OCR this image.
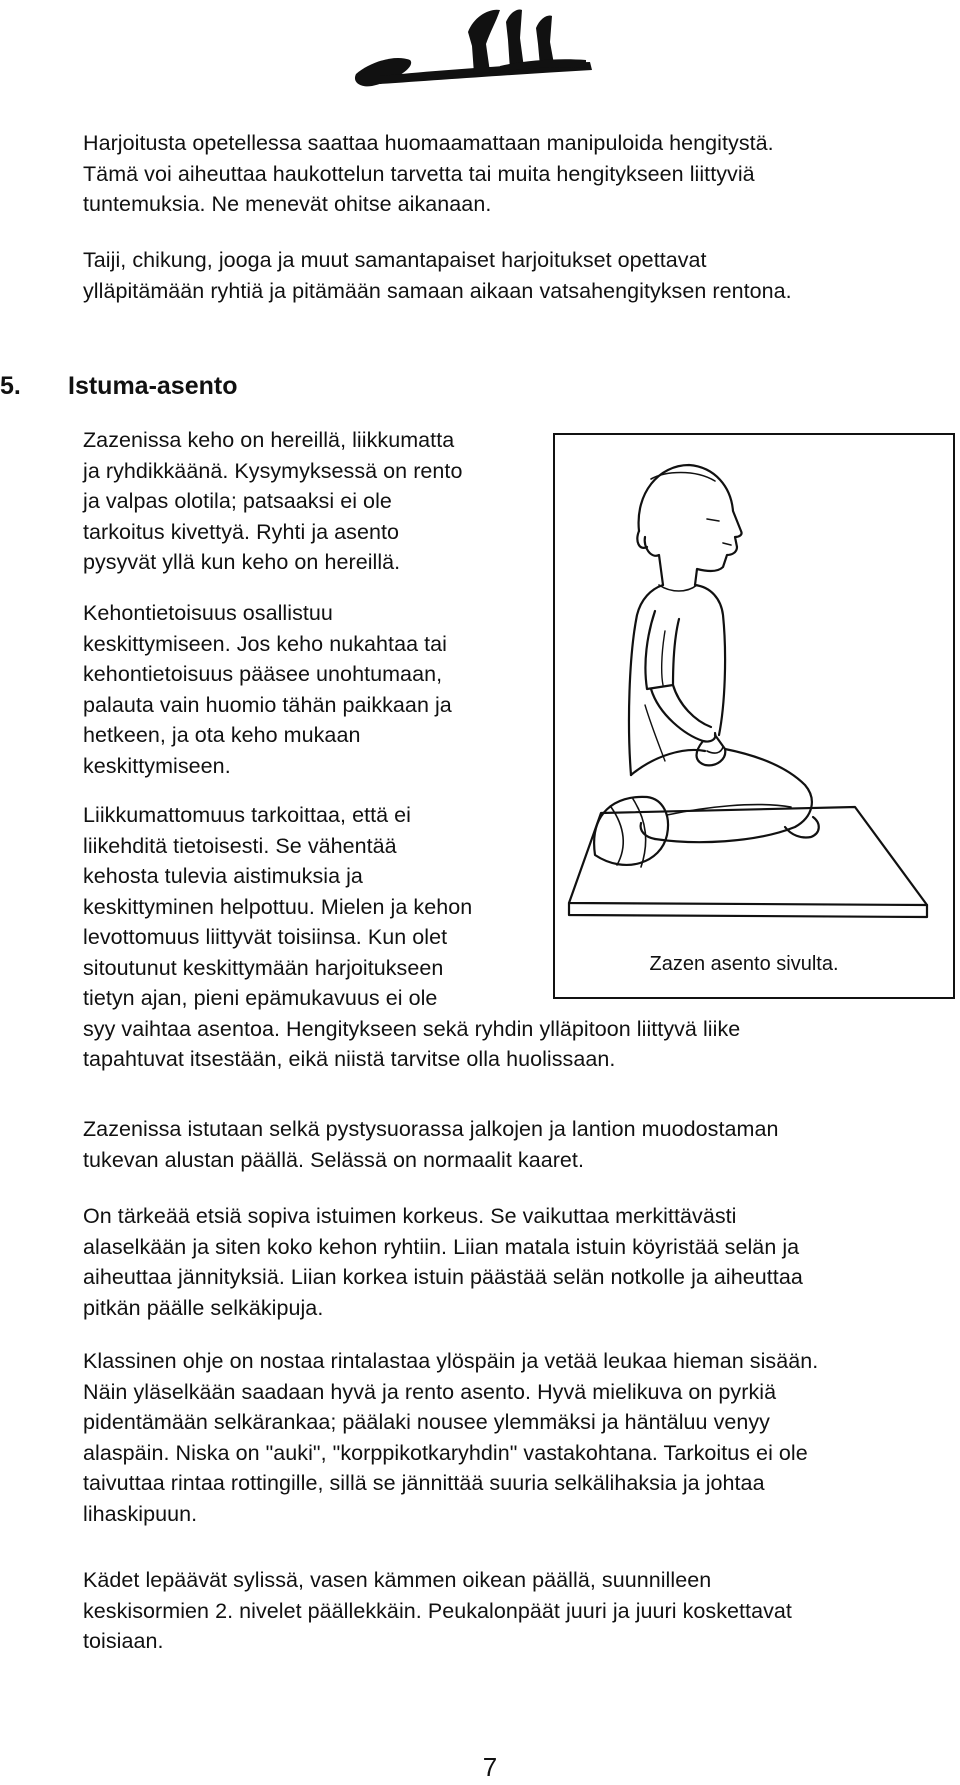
Harjoitusta opetellessa saattaa huomaamattaan manipuloida hengitystä.
Tämä voi aiheuttaa haukottelun tarvetta tai muita hengitykseen liittyviä
tuntemuksia. Ne menevät ohitse aikanaan.

Taiji, chikung, jooga ja muut samantapaiset harjoitukset opettavat
ylläpitämään ryhtiä ja pitämään samaan aikaan vatsahengityksen rentona.

5. Istuma-asento

Zazenissa keho on hereillä, liikkumatta
ja ryhdikkäänä. Kysymyksessä on rento
ja valpas olotila; patsaaksi ei ole
tarkoitus kivettyä. Ryhti ja asento
pysyvät yllä kun keho on hereillä.

Kehontietoisuus osallistuu
keskittymiseen. Jos keho nukahtaa tai
kehontietoisuus pääsee unohtumaan,
palauta vain huomio tähän paikkaan ja
hetkeen, ja ota keho mukaan
keskittymiseen.

Liikkumattomuus tarkoittaa, että ei
liikehditä tietoisesti. Se vähentää
kehosta tulevia aistimuksia ja
keskittyminen helpottuu. Mielen ja kehon
levottomuus liittyvät toisiinsa. Kun olet
sitoutunut keskittymään harjoitukseen
tietyn ajan, pieni epämukavuus ei ole
syy vaihtaa asentoa. Hengitykseen sekä ryhdin ylläpitoon liittyvä liike
tapahtuvat itsestään, eikä niistä tarvitse olla huolissaan.

Zazenissa istutaan selkä pystysuorassa jalkojen ja lantion muodostaman
tukevan alustan päällä. Selässä on normaalit kaaret.

On tärkeää etsiä sopiva istuimen korkeus. Se vaikuttaa merkittävästi
alaselkään ja siten koko kehon ryhtiin. Liian matala istuin köyristää selän ja
aiheuttaa jännityksiä. Liian korkea istuin päästää selän notkolle ja aiheuttaa
pitkän päälle selkäkipuja.

Klassinen ohje on nostaa rintalastaa ylöspäin ja vetää leukaa hieman sisään.
Näin yläselkään saadaan hyvä ja rento asento. Hyvä mielikuva on pyrkiä
pidentämään selkärankaa; päälaki nousee ylemmäksi ja häntäluu venyy
alaspäin. Niska on "auki", "korppikotkaryhdin" vastakohtana. Tarkoitus ei ole
taivuttaa rintaa rottingille, sillä se jännittää suuria selkälihaksia ja johtaa
lihaskipuun.

Kädet lepäävät sylissä, vasen kämmen oikean päällä, suunnilleen
keskisormien 2. nivelet päällekkäin. Peukalonpäät juuri ja juuri koskettavat
toisiaan.

Zazen asento sivulta.
7
